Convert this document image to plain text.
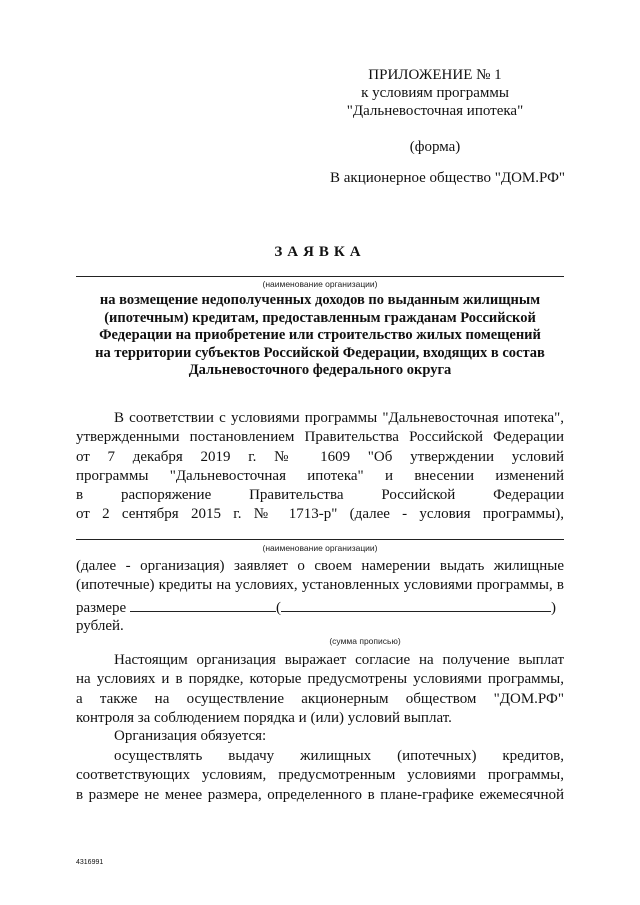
ПРИЛОЖЕНИЕ № 1
к условиям программы
"Дальневосточная ипотека"
(форма)
В акционерное общество "ДОМ.РФ"
ЗАЯВКА
(наименование организации)
на возмещение недополученных доходов по выданным жилищным
(ипотечным) кредитам, предоставленным гражданам Российской
Федерации на приобретение или строительство жилых помещений
на территории субъектов Российской Федерации, входящих в состав
Дальневосточного федерального округа
В соответствии с условиями программы "Дальневосточная ипотека",
утвержденными постановлением Правительства Российской Федерации
от 7 декабря 2019 г. № 1609 "Об утверждении условий
программы "Дальневосточная ипотека" и внесении изменений
в распоряжение Правительства Российской Федерации
от 2 сентября 2015 г. № 1713-р" (далее - условия программы),
(наименование организации)
(далее - организация) заявляет о своем намерении выдать жилищные
(ипотечные) кредиты на условиях, установленных условиями программы, в
размере	(	)
рублей.
(сумма прописью)
Настоящим организация выражает согласие на получение выплат
на условиях и в порядке, которые предусмотрены условиями программы,
а также на осуществление акционерным обществом "ДОМ.РФ"
контроля за соблюдением порядка и (или) условий выплат.
Организация обязуется:
осуществлять выдачу жилищных (ипотечных) кредитов,
соответствующих условиям, предусмотренным условиями программы,
в размере не менее размера, определенного в плане-графике ежемесячной
4316991
